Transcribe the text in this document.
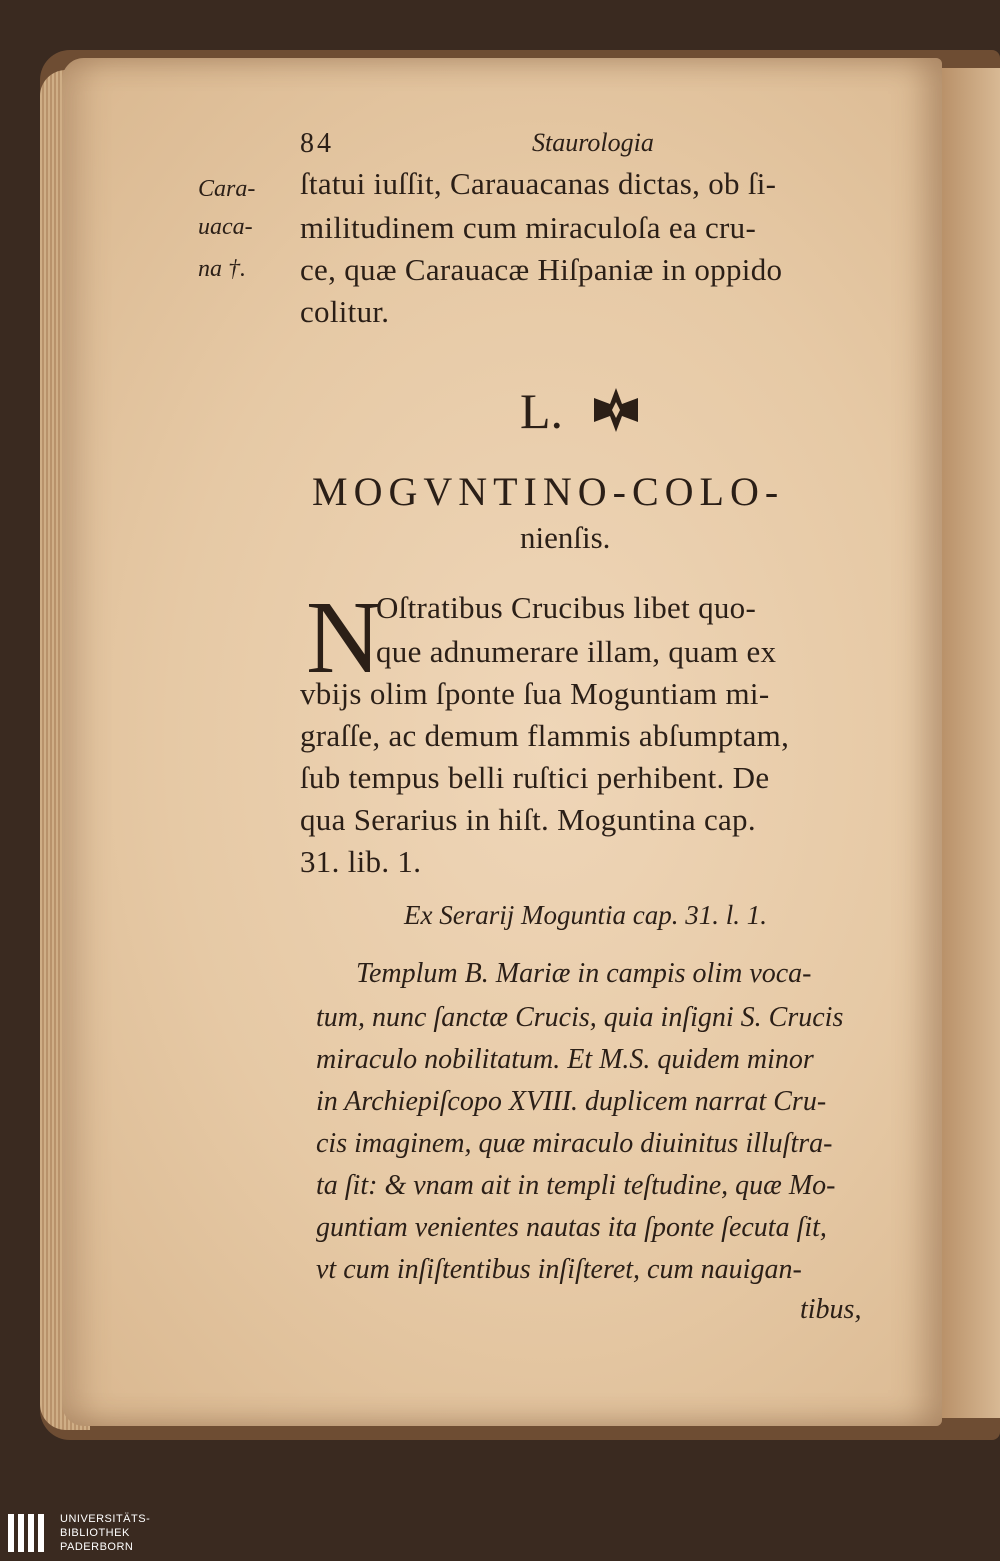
84	Staurologia
Cara-
uaca-
na †.
ſtatui iuſſit, Carauacanas dictas, ob ſi-
militudinem cum miraculoſa ea cru-
ce, quæ Carauacæ Hiſpaniæ in oppido
colitur.
L.
MOGVNTINO-COLO-
nienſis.
N
Oſtratibus Crucibus libet quo-
que adnumerare illam, quam ex
vbijs olim ſponte ſua Moguntiam mi-
graſſe, ac demum flammis abſumptam,
ſub tempus belli ruſtici perhibent. De
qua Serarius in hiſt. Moguntina cap.
31. lib. 1.
Ex Serarij Moguntia cap. 31. l. 1.
Templum B. Mariæ in campis olim voca-
tum, nunc ſanctæ Crucis, quia inſigni S. Crucis
miraculo nobilitatum. Et M.S. quidem minor
in Archiepiſcopo XVIII. duplicem narrat Cru-
cis imaginem, quæ miraculo diuinitus illuſtra-
ta ſit: & vnam ait in templi teſtudine, quæ Mo-
guntiam venientes nautas ita ſponte ſecuta ſit,
vt cum inſiſtentibus inſiſteret, cum nauigan-
tibus,
UNIVERSITÄTS-
BIBLIOTHEK
PADERBORN
